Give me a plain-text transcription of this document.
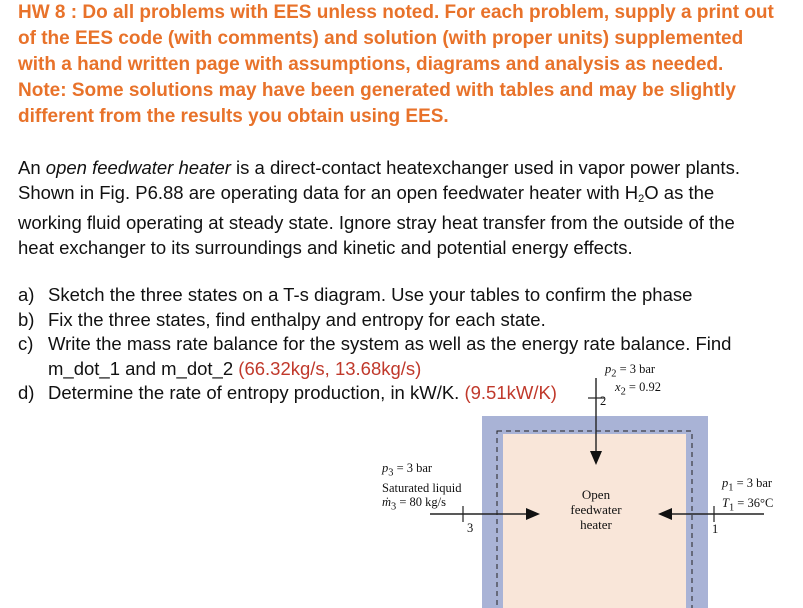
HW 8 : Do all problems with EES unless noted. For each problem, supply a print out
of the EES code (with comments) and solution (with proper units) supplemented
with a hand written page with assumptions, diagrams and analysis as needed.
Note: Some solutions may have been generated with tables and may be slightly
different from the results you obtain using EES.
An open feedwater heater is a direct-contact heatexchanger used in vapor power plants.
Shown in Fig. P6.88 are operating data for an open feedwater heater with $H_2O$ as the
working fluid operating at steady state. Ignore stray heat transfer from the outside of the
heat exchanger to its surroundings and kinetic and potential energy effects.
a) Sketch the three states on a T-s diagram. Use your tables to confirm the phase
b) Fix the three states, find enthalpy and entropy for each state.
c) Write the mass rate balance for the system as well as the energy rate balance. Find
m_dot_1 and m_dot_2 (66.32kg/s, 13.68kg/s)
d) Determine the rate of entropy production, in kW/K. (9.51kW/K)
$p_2 = 3$ bar
$x_2 = 0.92$
2
$p_3 = 3$ bar
Saturated liquid
ṁ$_3$ = 80 kg/s
3
$p_1 = 3$ bar
$T_1 = 36^\circ C$
1
Open
feedwater
heater
